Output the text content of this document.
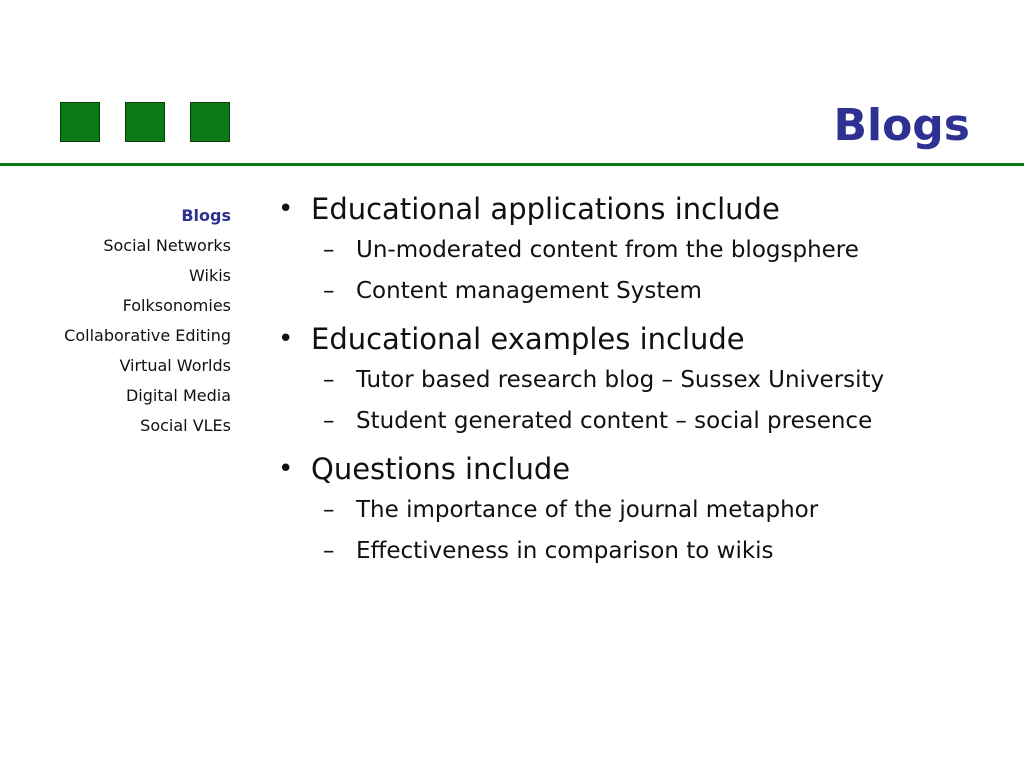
Blogs
Blogs
Social Networks
Wikis
Folksonomies
Collaborative Editing
Virtual Worlds
Digital Media
Social VLEs
• Educational applications include
– Un-moderated content from the blogsphere
– Content management System
• Educational examples include
– Tutor based research blog – Sussex University
– Student generated content – social presence
• Questions include
– The importance of the journal metaphor
– Effectiveness in comparison to wikis
